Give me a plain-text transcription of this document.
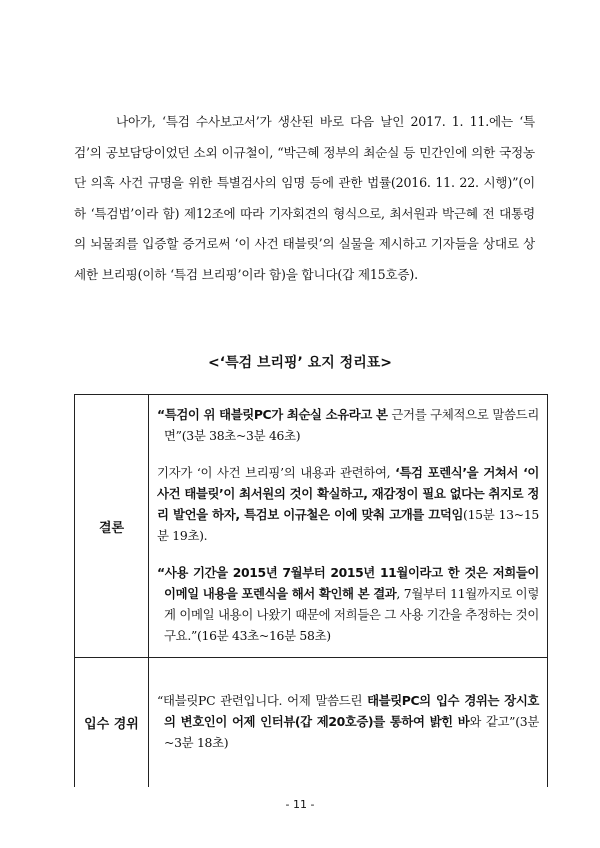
나아가, ‘특검 수사보고서’가 생산된 바로 다음 날인 2017. 1. 11.에는 ‘특검’의 공보담당이었던 소외 이규철이, “박근혜 정부의 최순실 등 민간인에 의한 국정농단 의혹 사건 규명을 위한 특별검사의 임명 등에 관한 법률(2016. 11. 22. 시행)”(이하 ‘특검법’이라 함) 제12조에 따라 기자회견의 형식으로, 최서원과 박근혜 전 대통령의 뇌물죄를 입증할 증거로써 ‘이 사건 태블릿’의 실물을 제시하고 기자들을 상대로 상세한 브리핑(이하 ‘특검 브리핑’이라 함)을 합니다(갑 제15호증).

<‘특검 브리핑’ 요지 정리표>
결론	“특검이 위 태블릿PC가 최순실 소유라고 본 근거를 구체적으로 말씀드리면”(3분 38초~3분 46초)

기자가 ‘이 사건 브리핑’의 내용과 관련하여, ‘특검 포렌식’을 거쳐서 ‘이 사건 태블릿’이 최서원의 것이 확실하고, 재감정이 필요 없다는 취지로 정리 발언을 하자, 특검보 이규철은 이에 맞춰 고개를 끄덕임(15분 13~15분 19초).

“사용 기간을 2015년 7월부터 2015년 11월이라고 한 것은 저희들이 이메일 내용을 포렌식을 해서 확인해 본 결과, 7월부터 11월까지로 이렇게 이메일 내용이 나왔기 때문에 저희들은 그 사용 기간을 추정하는 것이구요.”(16분 43초~16분 58초)

입수 경위	“태블릿PC 관련입니다. 어제 말씀드린 태블릿PC의 입수 경위는 장시호의 변호인이 어제 인터뷰(갑 제20호증)를 통하여 밝힌 바와 같고”(3분~3분 18초)

- 11 -
